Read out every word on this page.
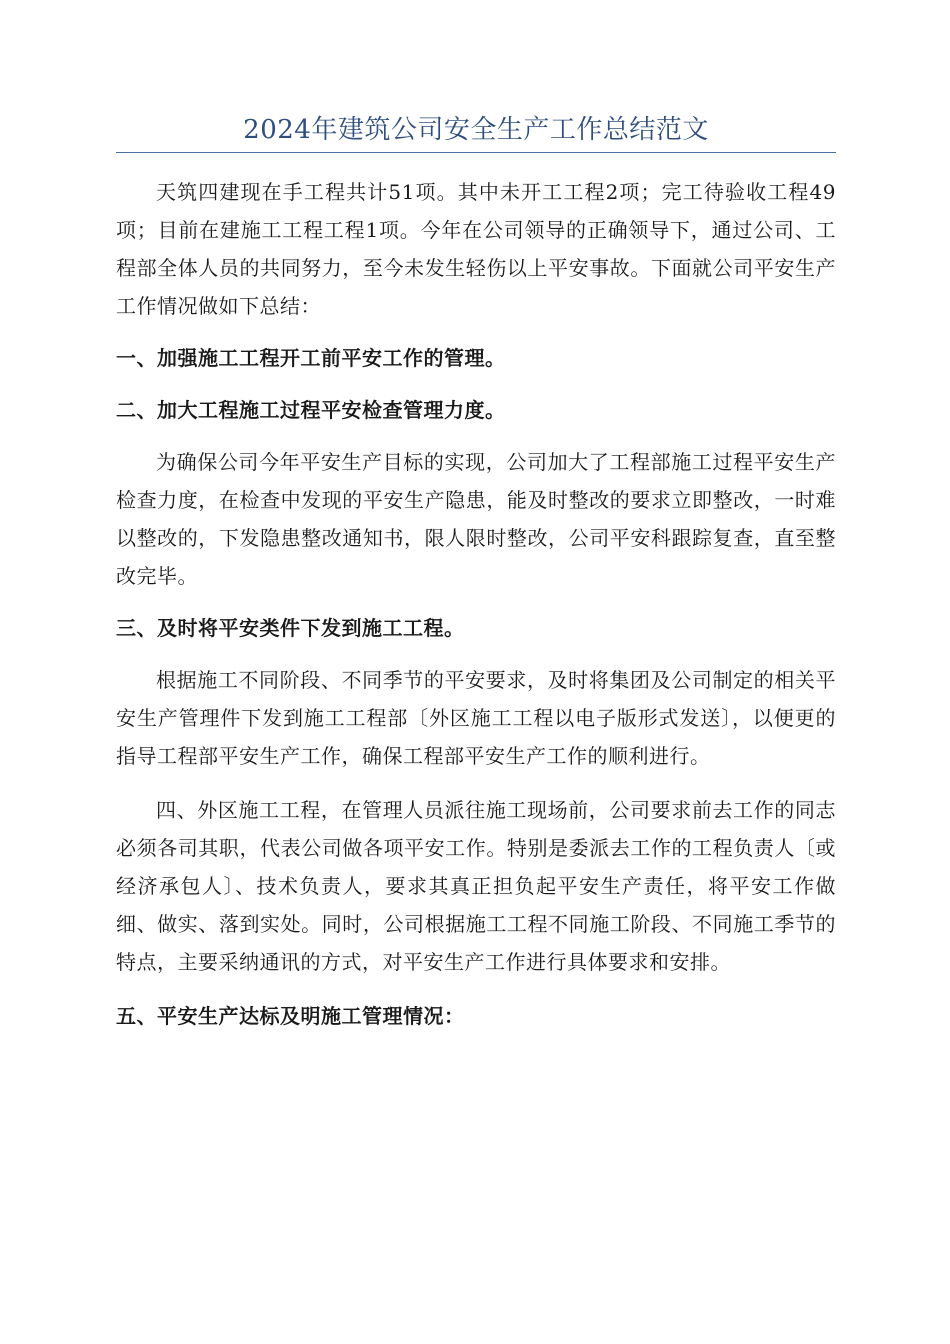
2024年建筑公司安全生产工作总结范文

天筑四建现在手工程共计51项。其中未开工工程2项；完工待验收工程49项；目前在建施工工程工程1项。今年在公司领导的正确领导下，通过公司、工程部全体人员的共同努力，至今未发生轻伤以上平安事故。下面就公司平安生产工作情况做如下总结：

一、加强施工工程开工前平安工作的管理。

二、加大工程施工过程平安检查管理力度。

为确保公司今年平安生产目标的实现，公司加大了工程部施工过程平安生产检查力度，在检查中发现的平安生产隐患，能及时整改的要求立即整改，一时难以整改的，下发隐患整改通知书，限人限时整改，公司平安科跟踪复查，直至整改完毕。

三、及时将平安类件下发到施工工程。

根据施工不同阶段、不同季节的平安要求，及时将集团及公司制定的相关平安生产管理件下发到施工工程部〔外区施工工程以电子版形式发送〕，以便更的指导工程部平安生产工作，确保工程部平安生产工作的顺利进行。

四、外区施工工程，在管理人员派往施工现场前，公司要求前去工作的同志必须各司其职，代表公司做各项平安工作。特别是委派去工作的工程负责人〔或经济承包人〕、技术负责人，要求其真正担负起平安生产责任，将平安工作做细、做实、落到实处。同时，公司根据施工工程不同施工阶段、不同施工季节的特点，主要采纳通讯的方式，对平安生产工作进行具体要求和安排。

五、平安生产达标及明施工管理情况：
